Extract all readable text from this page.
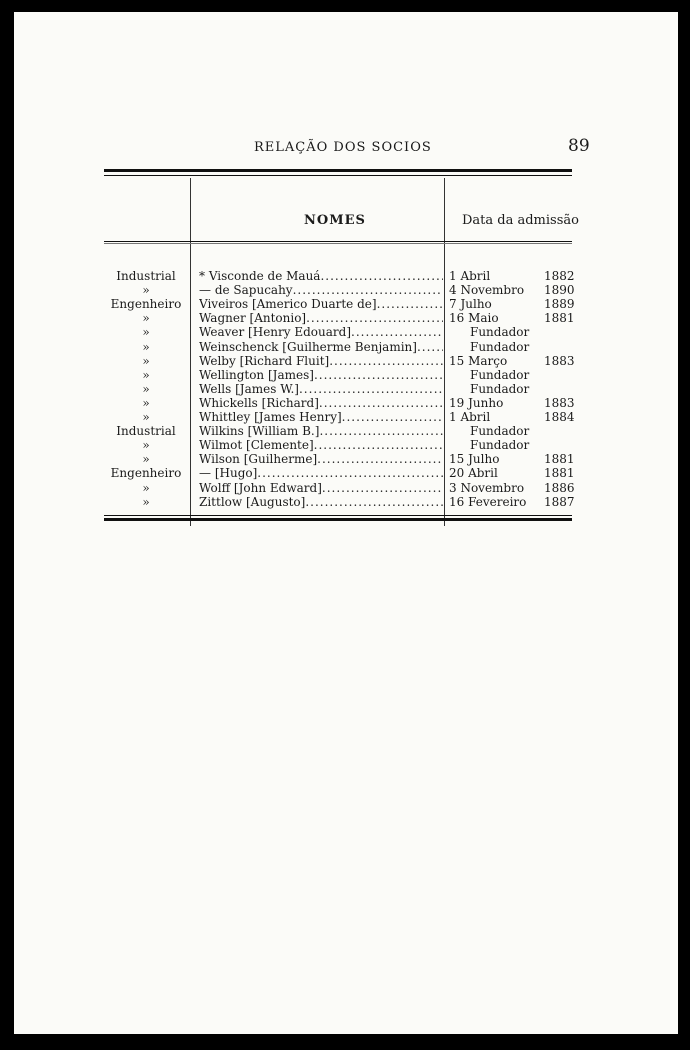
RELAÇÃO DOS SOCIOS	89
NOMES	Data da admissão
Industrial	* Visconde de Mauá .....	1 Abril	1882
»	— de Sapucahy .....	4 Novembro	1890
Engenheiro	Viveiros [Americo Duarte de] .....	7 Julho	1889
»	Wagner [Antonio] .....	16 Maio	1881
»	Weaver [Henry Edouard] .....	Fundador
»	Weinschenck [Guilherme Benjamin] .....	Fundador
»	Welby [Richard Fluit] .....	15 Março	1883
»	Wellington [James] .....	Fundador
»	Wells [James W.] .....	Fundador
»	Whickells [Richard] .....	19 Junho	1883
»	Whittley [James Henry] .....	1 Abril	1884
Industrial	Wilkins [William B.] .....	Fundador
»	Wilmot [Clemente] .....	Fundador
»	Wilson [Guilherme] .....	15 Julho	1881
Engenheiro	— [Hugo] .....	20 Abril	1881
»	Wolff [John Edward] .....	3 Novembro	1886
»	Zittlow [Augusto] .....	16 Fevereiro	1887
